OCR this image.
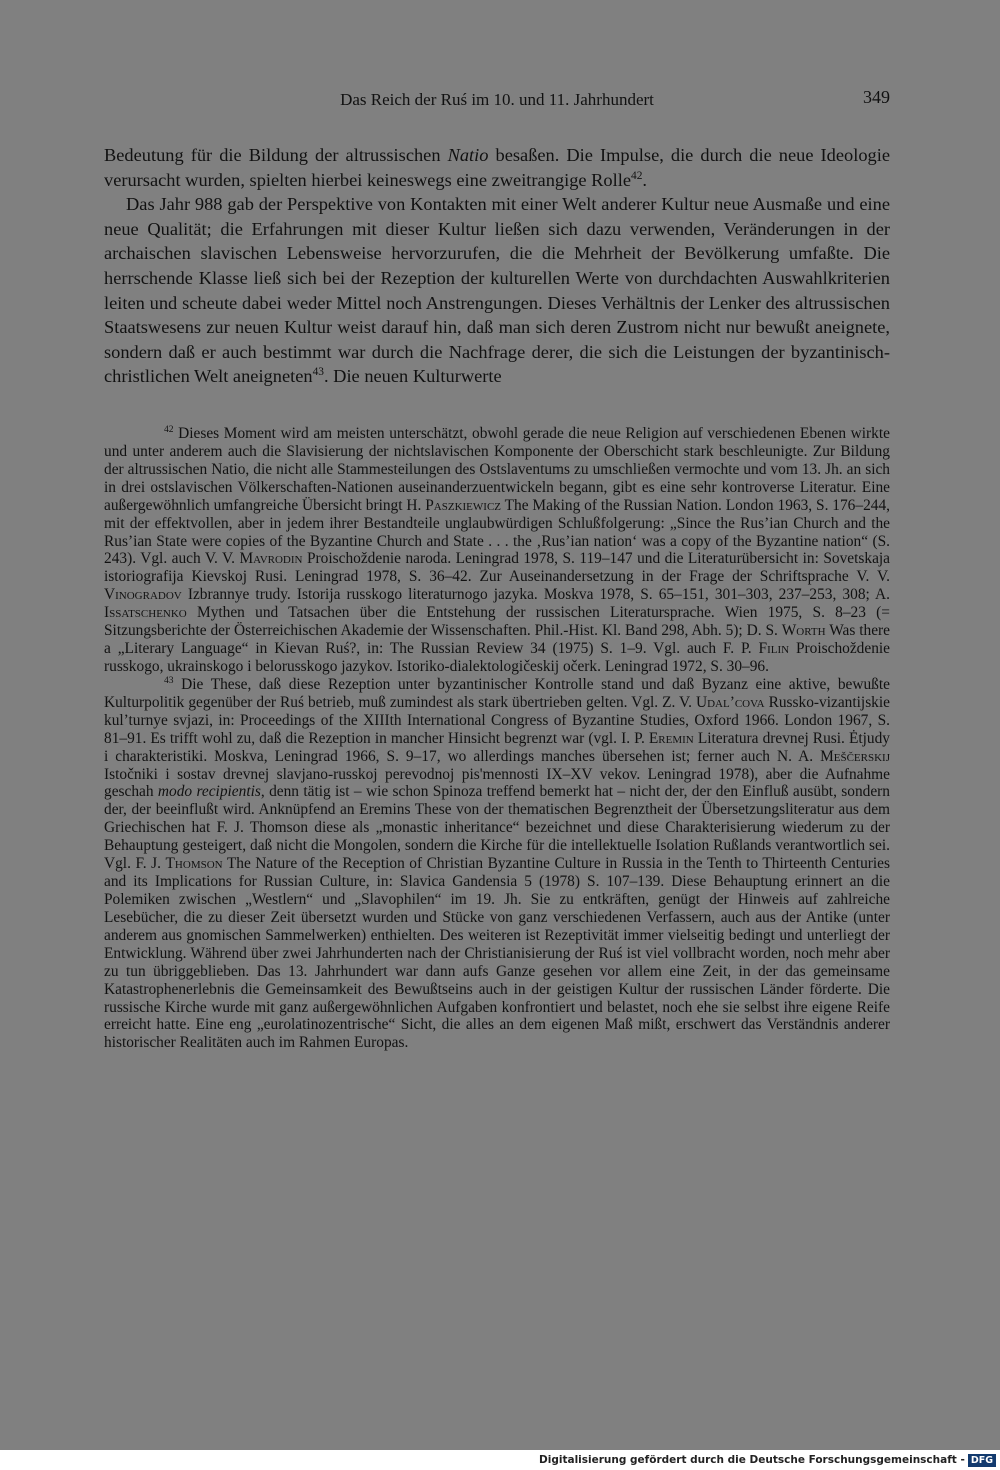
Das Reich der Ruś im 10. und 11. Jahrhundert	349

Bedeutung für die Bildung der altrussischen Natio besaßen. Die Impulse, die durch die neue Ideologie verursacht wurden, spielten hierbei keineswegs eine zweitrangige Rolle$^{42}$.

Das Jahr 988 gab der Perspektive von Kontakten mit einer Welt anderer Kultur neue Ausmaße und eine neue Qualität; die Erfahrungen mit dieser Kultur ließen sich dazu verwenden, Veränderungen in der archaischen slavischen Lebensweise hervorzurufen, die die Mehrheit der Bevölkerung umfaßte. Die herrschende Klasse ließ sich bei der Rezeption der kulturellen Werte von durchdachten Auswahlkriterien leiten und scheute dabei weder Mittel noch Anstrengungen. Dieses Verhältnis der Lenker des altrussischen Staatswesens zur neuen Kultur weist darauf hin, daß man sich deren Zustrom nicht nur bewußt aneignete, sondern daß er auch bestimmt war durch die Nachfrage derer, die sich die Leistungen der byzantinisch-christlichen Welt aneigneten$^{43}$. Die neuen Kulturwerte

$^{42}$ Dieses Moment wird am meisten unterschätzt, obwohl gerade die neue Religion auf verschiedenen Ebenen wirkte und unter anderem auch die Slavisierung der nichtslavischen Komponente der Oberschicht stark beschleunigte. Zur Bildung der altrussischen Natio, die nicht alle Stammesteilungen des Ostslaventums zu umschließen vermochte und vom 13. Jh. an sich in drei ostslavischen Völkerschaften-Nationen auseinanderzuentwickeln begann, gibt es eine sehr kontroverse Literatur. Eine außergewöhnlich umfangreiche Übersicht bringt H. Paszkiewicz The Making of the Russian Nation. London 1963, S. 176–244, mit der effektvollen, aber in jedem ihrer Bestandteile unglaubwürdigen Schlußfolgerung: „Since the Rus’ian Church and the Rus’ian State were copies of the Byzantine Church and State . . . the ‚Rus’ian nation‘ was a copy of the Byzantine nation“ (S. 243). Vgl. auch V. V. Mavrodin Proischoždenie naroda. Leningrad 1978, S. 119–147 und die Literaturübersicht in: Sovetskaja istoriografija Kievskoj Rusi. Leningrad 1978, S. 36–42. Zur Auseinandersetzung in der Frage der Schriftsprache V. V. Vinogradov Izbrannye trudy. Istorija russkogo literaturnogo jazyka. Moskva 1978, S. 65–151, 301–303, 237–253, 308; A. Issatschenko Mythen und Tatsachen über die Entstehung der russischen Literatursprache. Wien 1975, S. 8–23 (= Sitzungsberichte der Österreichischen Akademie der Wissenschaften. Phil.-Hist. Kl. Band 298, Abh. 5); D. S. Worth Was there a „Literary Language“ in Kievan Ruś?, in: The Russian Review 34 (1975) S. 1–9. Vgl. auch F. P. Filin Proischoždenie russkogo, ukrainskogo i belorusskogo jazykov. Istoriko-dialektologičeskij očerk. Leningrad 1972, S. 30–96.

$^{43}$ Die These, daß diese Rezeption unter byzantinischer Kontrolle stand und daß Byzanz eine aktive, bewußte Kulturpolitik gegenüber der Ruś betrieb, muß zumindest als stark übertrieben gelten. Vgl. Z. V. Udal’cova Russko-vizantijskie kul’turnye svjazi, in: Proceedings of the XIIIth International Congress of Byzantine Studies, Oxford 1966. London 1967, S. 81–91. Es trifft wohl zu, daß die Rezeption in mancher Hinsicht begrenzt war (vgl. I. P. Eremin Literatura drevnej Rusi. Ėtjudy i charakteristiki. Moskva, Leningrad 1966, S. 9–17, wo allerdings manches übersehen ist; ferner auch N. A. Meščerskij Istočniki i sostav drevnej slavjano-russkoj perevodnoj pis'mennosti IX–XV vekov. Leningrad 1978), aber die Aufnahme geschah modo recipientis, denn tätig ist – wie schon Spinoza treffend bemerkt hat – nicht der, der den Einfluß ausübt, sondern der, der beeinflußt wird. Anknüpfend an Eremins These von der thematischen Begrenztheit der Übersetzungsliteratur aus dem Griechischen hat F. J. Thomson diese als „monastic inheritance“ bezeichnet und diese Charakterisierung wiederum zu der Behauptung gesteigert, daß nicht die Mongolen, sondern die Kirche für die intellektuelle Isolation Rußlands verantwortlich sei. Vgl. F. J. Thomson The Nature of the Reception of Christian Byzantine Culture in Russia in the Tenth to Thirteenth Centuries and its Implications for Russian Culture, in: Slavica Gandensia 5 (1978) S. 107–139. Diese Behauptung erinnert an die Polemiken zwischen „Westlern“ und „Slavophilen“ im 19. Jh. Sie zu entkräften, genügt der Hinweis auf zahlreiche Lesebücher, die zu dieser Zeit übersetzt wurden und Stücke von ganz verschiedenen Verfassern, auch aus der Antike (unter anderem aus gnomischen Sammelwerken) enthielten. Des weiteren ist Rezeptivität immer vielseitig bedingt und unterliegt der Entwicklung. Während über zwei Jahrhunderten nach der Christianisierung der Ruś ist viel vollbracht worden, noch mehr aber zu tun übriggeblieben. Das 13. Jahrhundert war dann aufs Ganze gesehen vor allem eine Zeit, in der das gemeinsame Katastrophenerlebnis die Gemeinsamkeit des Bewußtseins auch in der geistigen Kultur der russischen Länder förderte. Die russische Kirche wurde mit ganz außergewöhnlichen Aufgaben konfrontiert und belastet, noch ehe sie selbst ihre eigene Reife erreicht hatte. Eine eng „eurolatinozentrische“ Sicht, die alles an dem eigenen Maß mißt, erschwert das Verständnis anderer historischer Realitäten auch im Rahmen Europas.

Digitalisierung gefördert durch die Deutsche Forschungsgemeinschaft - DFG
